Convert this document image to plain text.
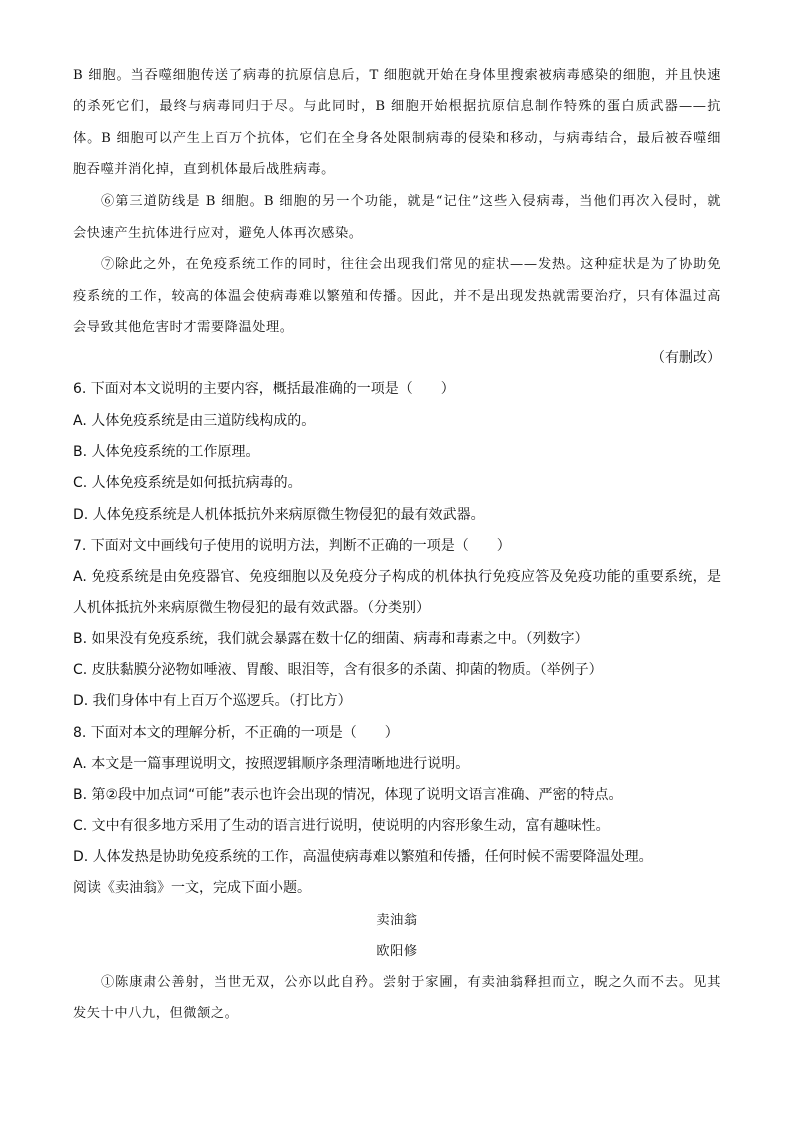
B 细胞。当吞噬细胞传送了病毒的抗原信息后，T 细胞就开始在身体里搜索被病毒感染的细胞，并且快速
的杀死它们，最终与病毒同归于尽。与此同时，B 细胞开始根据抗原信息制作特殊的蛋白质武器——抗
体。B 细胞可以产生上百万个抗体，它们在全身各处限制病毒的侵染和移动，与病毒结合，最后被吞噬细
胞吞噬并消化掉，直到机体最后战胜病毒。
⑥第三道防线是 B 细胞。B 细胞的另一个功能，就是“记住”这些入侵病毒，当他们再次入侵时，就
会快速产生抗体进行应对，避免人体再次感染。
⑦除此之外，在免疫系统工作的同时，往往会出现我们常见的症状——发热。这种症状是为了协助免
疫系统的工作，较高的体温会使病毒难以繁殖和传播。因此，并不是出现发热就需要治疗，只有体温过高
会导致其他危害时才需要降温处理。
（有删改）
6. 下面对本文说明的主要内容，概括最准确的一项是（　　）
A. 人体免疫系统是由三道防线构成的。
B. 人体免疫系统的工作原理。
C. 人体免疫系统是如何抵抗病毒的。
D. 人体免疫系统是人机体抵抗外来病原微生物侵犯的最有效武器。
7. 下面对文中画线句子使用的说明方法，判断不正确的一项是（　　）
A. 免疫系统是由免疫器官、免疫细胞以及免疫分子构成的机体执行免疫应答及免疫功能的重要系统，是
人机体抵抗外来病原微生物侵犯的最有效武器。（分类别）
B. 如果没有免疫系统，我们就会暴露在数十亿的细菌、病毒和毒素之中。（列数字）
C. 皮肤黏膜分泌物如唾液、胃酸、眼泪等，含有很多的杀菌、抑菌的物质。（举例子）
D. 我们身体中有上百万个巡逻兵。（打比方）
8. 下面对本文的理解分析，不正确的一项是（　　）
A. 本文是一篇事理说明文，按照逻辑顺序条理清晰地进行说明。
B. 第②段中加点词“可能”表示也许会出现的情况，体现了说明文语言准确、严密的特点。
C. 文中有很多地方采用了生动的语言进行说明，使说明的内容形象生动，富有趣味性。
D. 人体发热是协助免疫系统的工作，高温使病毒难以繁殖和传播，任何时候不需要降温处理。
阅读《卖油翁》一文，完成下面小题。
卖油翁
欧阳修
①陈康肃公善射，当世无双，公亦以此自矜。尝射于家圃，有卖油翁释担而立，睨之久而不去。见其
发矢十中八九，但微颔之。
